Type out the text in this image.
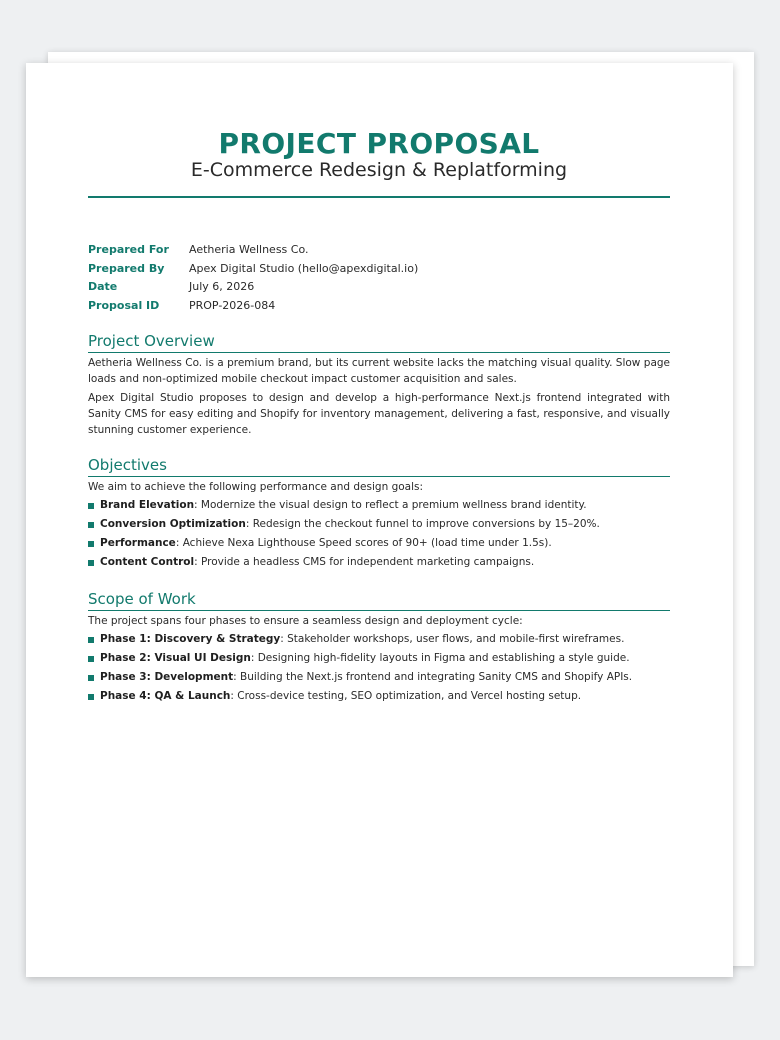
PROJECT PROPOSAL
E-Commerce Redesign & Replatforming
Prepared For	Aetheria Wellness Co.
Prepared By	Apex Digital Studio (hello@apexdigital.io)
Date	July 6, 2026
Proposal ID	PROP-2026-084
Project Overview

Aetheria Wellness Co. is a premium brand, but its current website lacks the matching visual quality. Slow page loads and non-optimized mobile checkout impact customer acquisition and sales.

Apex Digital Studio proposes to design and develop a high-performance Next.js frontend integrated with Sanity CMS for easy editing and Shopify for inventory management, delivering a fast, responsive, and visually stunning customer experience.

Objectives

We aim to achieve the following performance and design goals:

Brand Elevation: Modernize the visual design to reflect a premium wellness brand identity.
Conversion Optimization: Redesign the checkout funnel to improve conversions by 15–20%.
Performance: Achieve Nexa Lighthouse Speed scores of 90+ (load time under 1.5s).
Content Control: Provide a headless CMS for independent marketing campaigns.
Scope of Work

The project spans four phases to ensure a seamless design and deployment cycle:

Phase 1: Discovery & Strategy: Stakeholder workshops, user flows, and mobile-first wireframes.
Phase 2: Visual UI Design: Designing high-fidelity layouts in Figma and establishing a style guide.
Phase 3: Development: Building the Next.js frontend and integrating Sanity CMS and Shopify APIs.
Phase 4: QA & Launch: Cross-device testing, SEO optimization, and Vercel hosting setup.
